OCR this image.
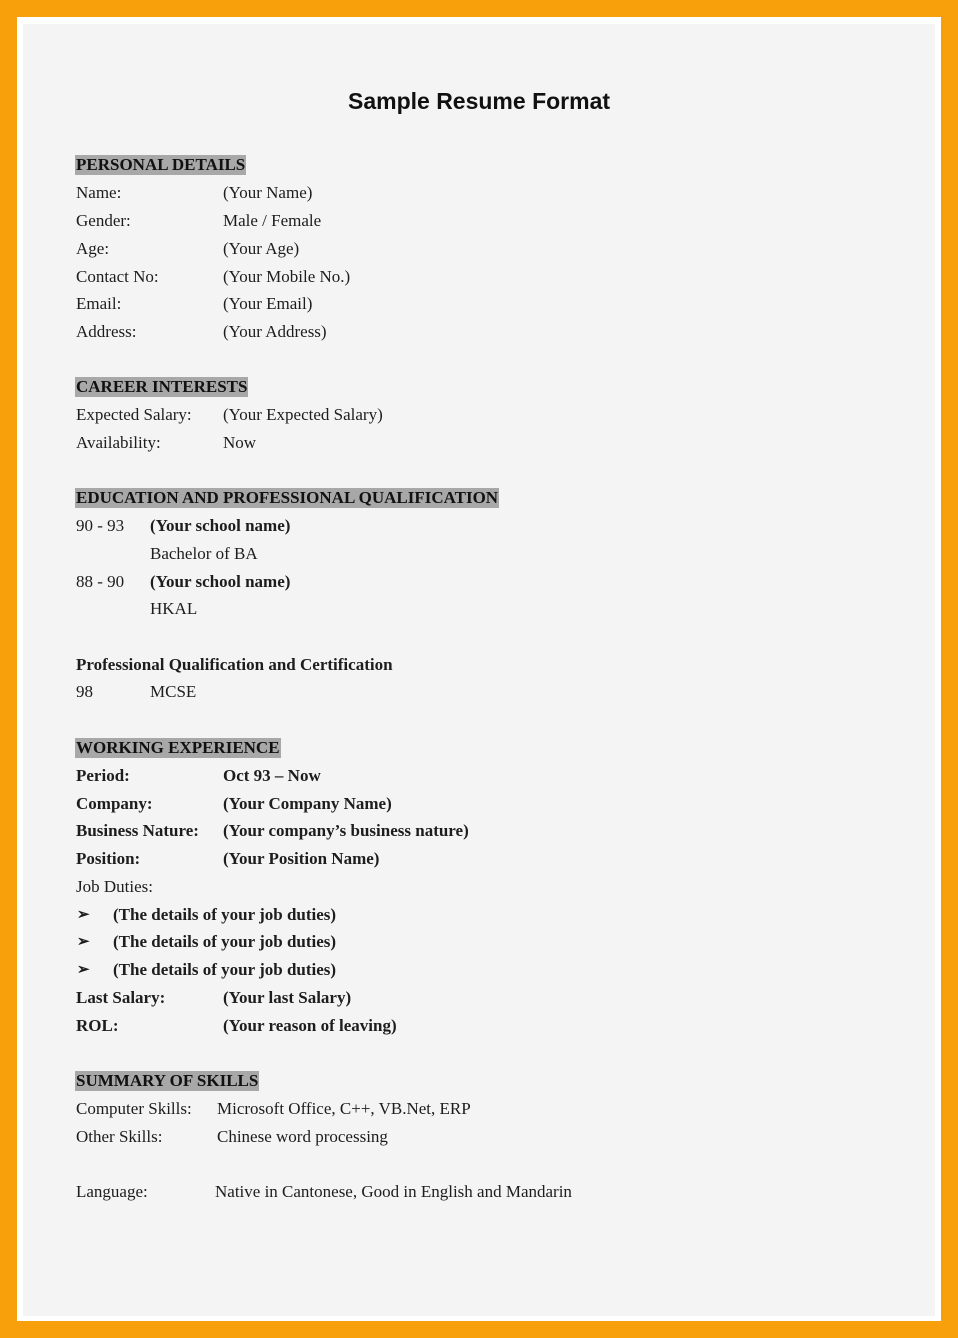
Sample Resume Format
PERSONAL DETAILS
Name:	(Your Name)
Gender:	Male / Female
Age:	(Your Age)
Contact No:	(Your Mobile No.)
Email:	(Your Email)
Address:	(Your Address)
CAREER INTERESTS
Expected Salary: (Your Expected Salary)
Availability:	Now
EDUCATION AND PROFESSIONAL QUALIFICATION
90 - 93 (Your school name)
Bachelor of BA
88 - 90 (Your school name)
HKAL
Professional Qualification and Certification
98	MCSE
WORKING EXPERIENCE
Period:	Oct 93 – Now
Company:	(Your Company Name)
Business Nature: (Your company’s business nature)
Position:	(Your Position Name)
Job Duties:
➢ (The details of your job duties)
➢ (The details of your job duties)
➢ (The details of your job duties)
Last Salary:	(Your last Salary)
ROL:	(Your reason of leaving)
SUMMARY OF SKILLS
Computer Skills: Microsoft Office, C++, VB.Net, ERP
Other Skills:	Chinese word processing
Language:	Native in Cantonese, Good in English and Mandarin
